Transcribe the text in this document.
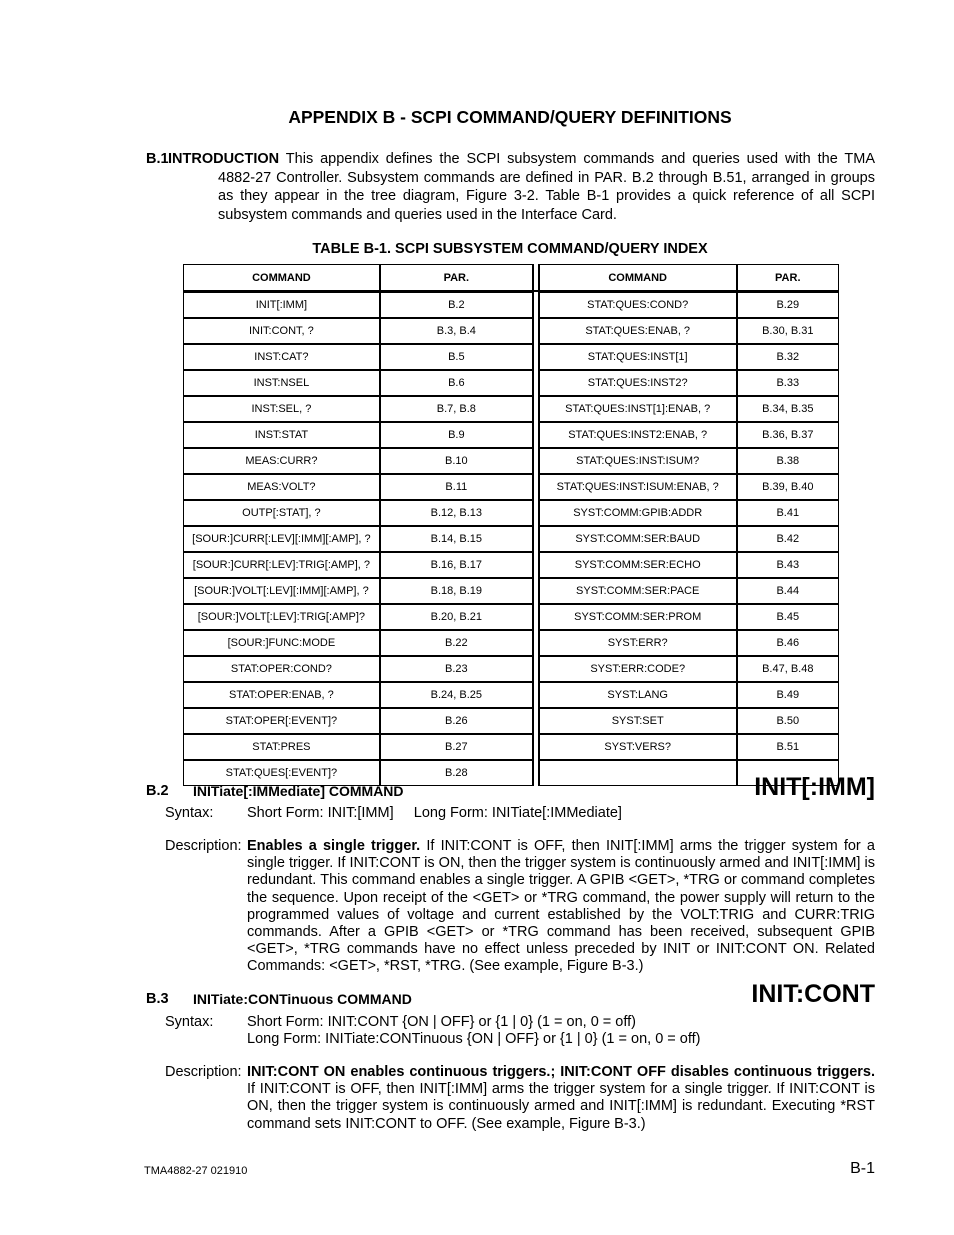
APPENDIX B - SCPI COMMAND/QUERY DEFINITIONS
B.1 INTRODUCTION This appendix defines the SCPI subsystem commands and queries used with the TMA 4882-27 Controller. Subsystem commands are defined in PAR. B.2 through B.51, arranged in groups as they appear in the tree diagram, Figure 3-2. Table B-1 provides a quick reference of all SCPI subsystem commands and queries used in the Interface Card.
TABLE B-1. SCPI SUBSYSTEM COMMAND/QUERY INDEX
COMMAND	PAR.		COMMAND	PAR.
INIT[:IMM]	B.2		STAT:QUES:COND?	B.29
INIT:CONT, ?	B.3, B.4		STAT:QUES:ENAB, ?	B.30, B.31
INST:CAT?	B.5		STAT:QUES:INST[1]	B.32
INST:NSEL	B.6		STAT:QUES:INST2?	B.33
INST:SEL, ?	B.7, B.8		STAT:QUES:INST[1]:ENAB, ?	B.34, B.35
INST:STAT	B.9		STAT:QUES:INST2:ENAB, ?	B.36, B.37
MEAS:CURR?	B.10		STAT:QUES:INST:ISUM?	B.38
MEAS:VOLT?	B.11		STAT:QUES:INST:ISUM:ENAB, ?	B.39, B.40
OUTP[:STAT], ?	B.12, B.13		SYST:COMM:GPIB:ADDR	B.41
[SOUR:]CURR[:LEV][:IMM][:AMP], ?	B.14, B.15		SYST:COMM:SER:BAUD	B.42
[SOUR:]CURR[:LEV]:TRIG[:AMP], ?	B.16, B.17		SYST:COMM:SER:ECHO	B.43
[SOUR:]VOLT[:LEV][:IMM][:AMP], ?	B.18, B.19		SYST:COMM:SER:PACE	B.44
[SOUR:]VOLT[:LEV]:TRIG[:AMP]?	B.20, B.21		SYST:COMM:SER:PROM	B.45
[SOUR:]FUNC:MODE	B.22		SYST:ERR?	B.46
STAT:OPER:COND?	B.23		SYST:ERR:CODE?	B.47, B.48
STAT:OPER:ENAB, ?	B.24, B.25		SYST:LANG	B.49
STAT:OPER[:EVENT]?	B.26		SYST:SET	B.50
STAT:PRES	B.27		SYST:VERS?	B.51
STAT:QUES[:EVENT]?	B.28			
B.2 INITiate[:IMMediate] COMMAND	INIT[:IMM]
Syntax: Short Form: INIT:[IMM]     Long Form: INITiate[:IMMediate]
Description: Enables a single trigger. If INIT:CONT is OFF, then INIT[:IMM] arms the trigger system for a single trigger. If INIT:CONT is ON, then the trigger system is continuously armed and INIT[:IMM] is redundant. This command enables a single trigger. A GPIB <GET>, *TRG or command completes the sequence. Upon receipt of the <GET> or *TRG command, the power supply will return to the programmed values of voltage and current established by the VOLT:TRIG and CURR:TRIG commands. After a GPIB <GET> or *TRG command has been received, subsequent GPIB <GET>, *TRG commands have no effect unless preceded by INIT or INIT:CONT ON. Related Commands: <GET>, *RST, *TRG. (See example, Figure B-3.)
B.3 INITiate:CONTinuous COMMAND	INIT:CONT
Syntax: Short Form: INIT:CONT {ON | OFF} or {1 | 0} (1 = on, 0 = off)
Long Form: INITiate:CONTinuous {ON | OFF} or {1 | 0} (1 = on, 0 = off)
Description: INIT:CONT ON enables continuous triggers.; INIT:CONT OFF disables continuous triggers. If INIT:CONT is OFF, then INIT[:IMM] arms the trigger system for a single trigger. If INIT:CONT is ON, then the trigger system is continuously armed and INIT[:IMM] is redundant. Executing *RST command sets INIT:CONT to OFF. (See example, Figure B-3.)
TMA4882-27 021910	B-1
